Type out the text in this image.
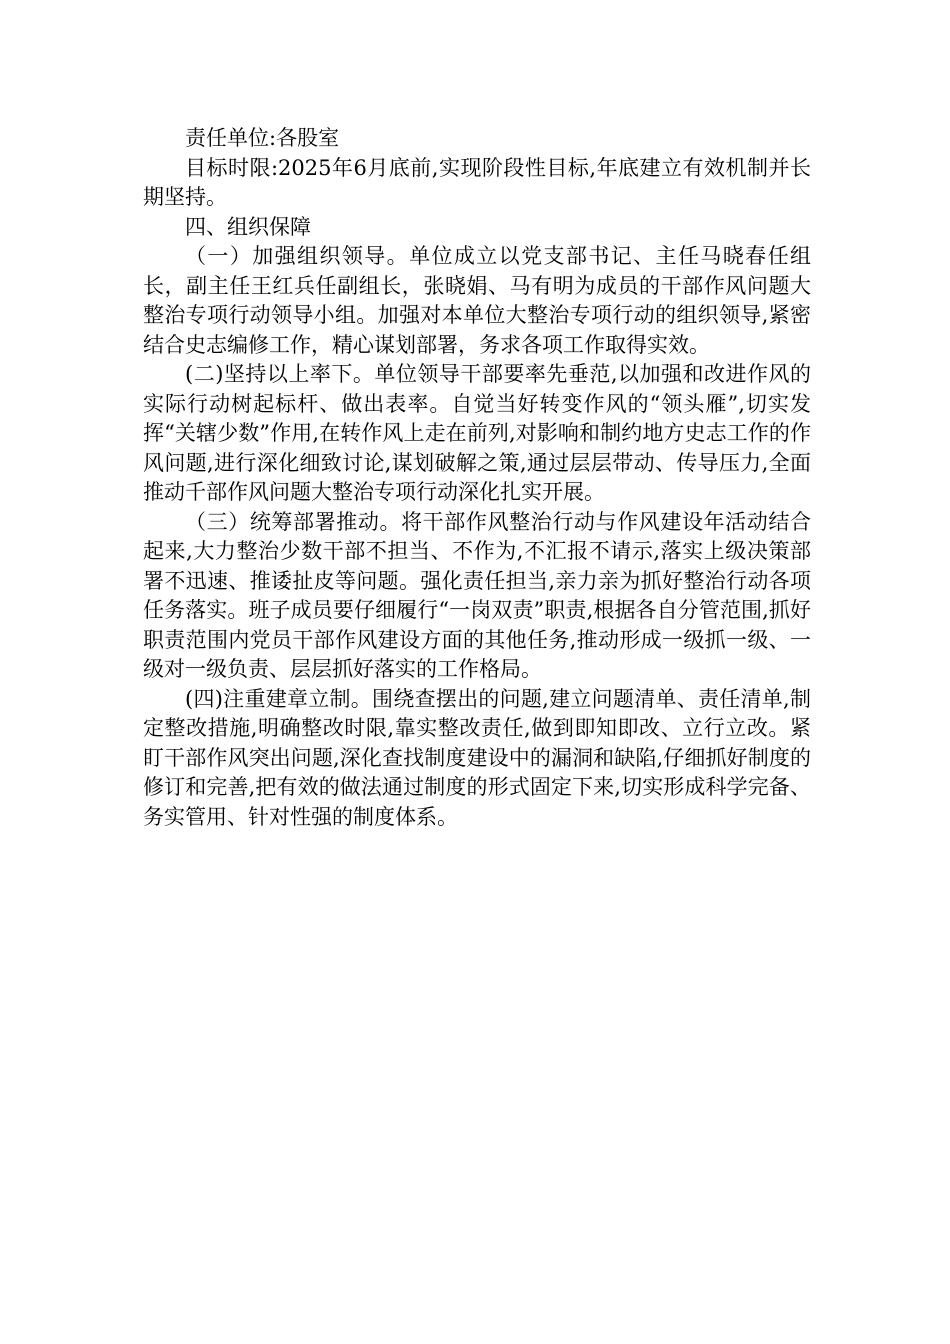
责任单位:各股室

目标时限:2025年6月底前,实现阶段性目标,年底建立有效机制并长期坚持。

四、组织保障

（一）加强组织领导。单位成立以党支部书记、主任马晓春任组长，副主任王红兵任副组长，张晓娟、马有明为成员的干部作风问题大整治专项行动领导小组。加强对本单位大整治专项行动的组织领导,紧密结合史志编修工作，精心谋划部署，务求各项工作取得实效。

(二)坚持以上率下。单位领导干部要率先垂范,以加强和改进作风的实际行动树起标杆、做出表率。自觉当好转变作风的“领头雁”,切实发挥“关辖少数”作用,在转作风上走在前列,对影响和制约地方史志工作的作风问题,进行深化细致讨论,谋划破解之策,通过层层带动、传导压力,全面推动千部作风问题大整治专项行动深化扎实开展。

（三）统筹部署推动。将干部作风整治行动与作风建设年活动结合起来,大力整治少数干部不担当、不作为,不汇报不请示,落实上级决策部署不迅速、推诿扯皮等问题。强化责任担当,亲力亲为抓好整治行动各项任务落实。班子成员要仔细履行“一岗双责”职责,根据各自分管范围,抓好职责范围内党员干部作风建设方面的其他任务,推动形成一级抓一级、一级对一级负责、层层抓好落实的工作格局。

(四)注重建章立制。围绕查摆出的问题,建立问题清单、责任清单,制定整改措施,明确整改时限,靠实整改责任,做到即知即改、立行立改。紧盯干部作风突出问题,深化查找制度建设中的漏洞和缺陷,仔细抓好制度的修订和完善,把有效的做法通过制度的形式固定下来,切实形成科学完备、务实管用、针对性强的制度体系。
